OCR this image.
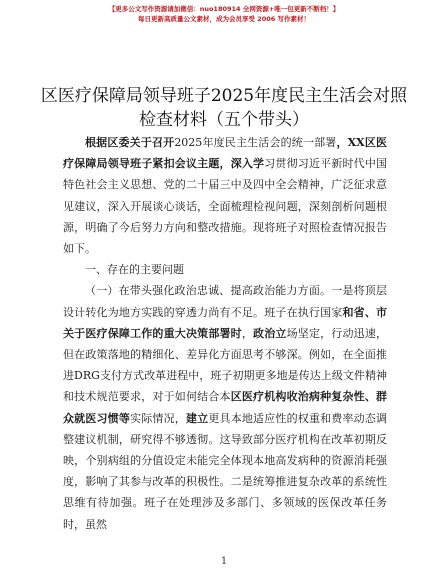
【更多公文写作资源请加微信：nuo180914 全网资源+唯一包更新不断档！】
每日更新高质量公文素材，成为会员享受 2006 写作素材！
区医疗保障局领导班子2025年度民主生活会对照检查材料（五个带头）

根据区委关于召开2025年度民主生活会的统一部署，XX区医疗保障局领导班子紧扣会议主题，深入学习贯彻习近平新时代中国特色社会主义思想、党的二十届三中及四中全会精神，广泛征求意见建议，深入开展谈心谈话，全面梳理检视问题，深刻剖析问题根源，明确了今后努力方向和整改措施。现将班子对照检查情况报告如下。

一、存在的主要问题

（一）在带头强化政治忠诚、提高政治能力方面。一是将顶层设计转化为地方实践的穿透力尚有不足。班子在执行国家和省、市关于医疗保障工作的重大决策部署时，政治立场坚定，行动迅速，但在政策落地的精细化、差异化方面思考不够深。例如，在全面推进DRG支付方式改革进程中，班子初期更多地是传达上级文件精神和技术规范要求，对于如何结合本区医疗机构收治病种复杂性、群众就医习惯等实际情况，建立更具本地适应性的权重和费率动态调整建议机制，研究得不够透彻。这导致部分医疗机构在改革初期反映，个别病组的分值设定未能完全体现本地高发病种的资源消耗强度，影响了其参与改革的积极性。二是统筹推进复杂改革的系统性思维有待加强。班子在处理涉及多部门、多领域的医保改革任务时，虽然

1
